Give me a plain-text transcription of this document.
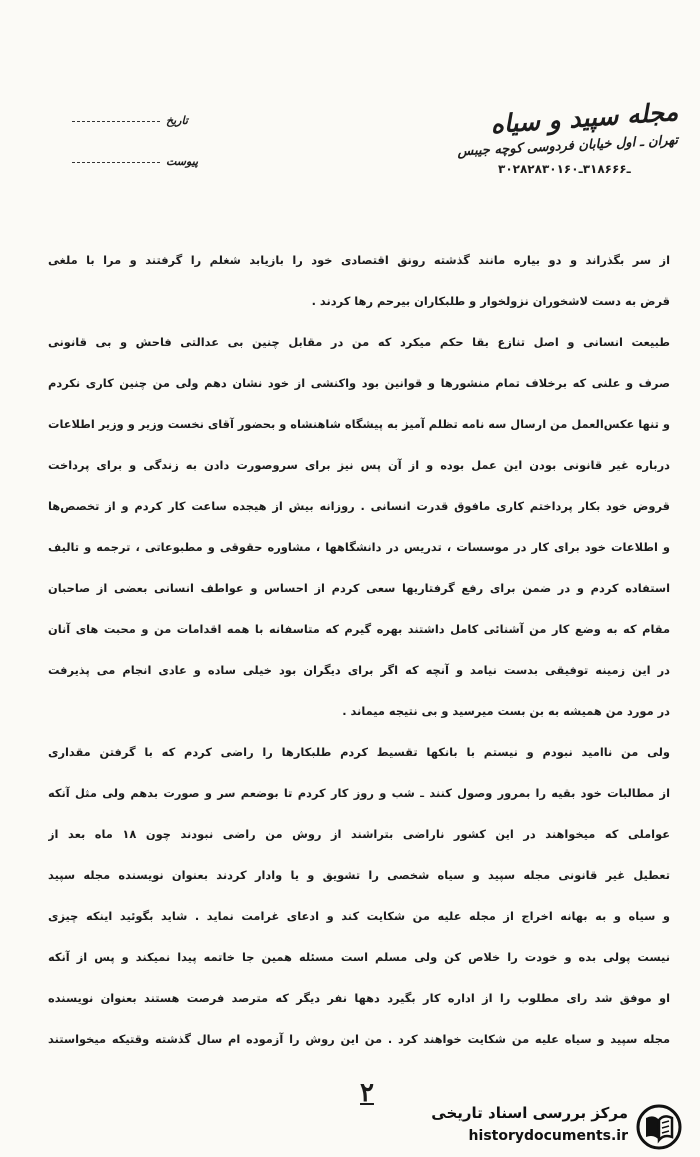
مجله سپید و سیاه
تهران ـ اول خیابان فردوسی کوچه جیبس
۳۰۲۸۲۸ـ۳۱۸۶۶۶ـ۳۰۱۶۰
تاریخ
پیوست
از سر بگذراند و دو بیاره مانند گذشته رونق اقتصادی خود را بازیابد شغلم را گرفتند و مرا با ملغی
قرض به دست لاشخوران نزولخوار و طلبکاران بیرحم رها کردند .
طبیعت انسانی و اصل تنازع بقا حکم میکرد که من در مقابل چنین بی عدالتی فاحش و بی قانونی
صرف و علنی که برخلاف تمام منشورها و قوانین بود واکنشی از خود نشان دهم ولی من چنین کاری نکردم
و تنها عکس‌العمل من ارسال سه نامه تظلم آمیز به پیشگاه شاهنشاه و بحضور آقای نخست وزیر و وزیر اطلاعات
درباره غیر قانونی بودن این عمل بوده و از آن پس نیز برای سروصورت دادن به زندگی و برای پرداخت
قروض خود بکار پرداختم کاری مافوق قدرت انسانی . روزانه بیش از هیجده ساعت کار کردم و از تخصص‌ها
و اطلاعات خود برای کار در موسسات ، تدریس در دانشگاهها ، مشاوره حقوقی و مطبوعاتی ، ترجمه و تالیف
استفاده کردم و در ضمن برای رفع گرفتاریها سعی کردم از احساس و عواطف انسانی بعضی از صاحبان
مقام که به وضع کار من آشنائی کامل داشتند بهره گیرم که متاسفانه با همه اقدامات من و محبت های آنان
در این زمینه توفیقی بدست نیامد و آنچه که اگر برای دیگران بود خیلی ساده و عادی انجام می پذیرفت
در مورد من همیشه به بن بست میرسید و بی نتیجه میماند .
ولی من ناامید نبودم و نیستم با بانکها تقسیط کردم طلبکارها را راضی کردم که با گرفتن مقداری
از مطالبات خود بقیه را بمرور وصول کنند ـ شب و روز کار کردم تا بوضعم سر و صورت بدهم ولی مثل آنکه
عواملی که میخواهند در این کشور ناراضی بتراشند از روش من راضی نبودند چون ۱۸ ماه بعد از
تعطیل غیر قانونی مجله سپید و سیاه شخصی را تشویق و یا وادار کردند بعنوان نویسنده مجله سپید
و سیاه و به بهانه اخراج از مجله علیه من شکایت کند و ادعای غرامت نماید . شاید بگوئید اینکه چیزی
نیست پولی بده و خودت را خلاص کن ولی مسلم است مسئله همین جا خاتمه پیدا نمیکند و پس از آنکه
او موفق شد رای مطلوب را از اداره کار بگیرد دهها نفر دیگر که مترصد فرصت هستند بعنوان نویسنده
مجله سپید و سیاه علیه من شکایت خواهند کرد . من این روش را آزموده ام سال گذشته وقتیکه میخواستند
۲
مرکز بررسی اسناد تاریخی
historydocuments.ir
